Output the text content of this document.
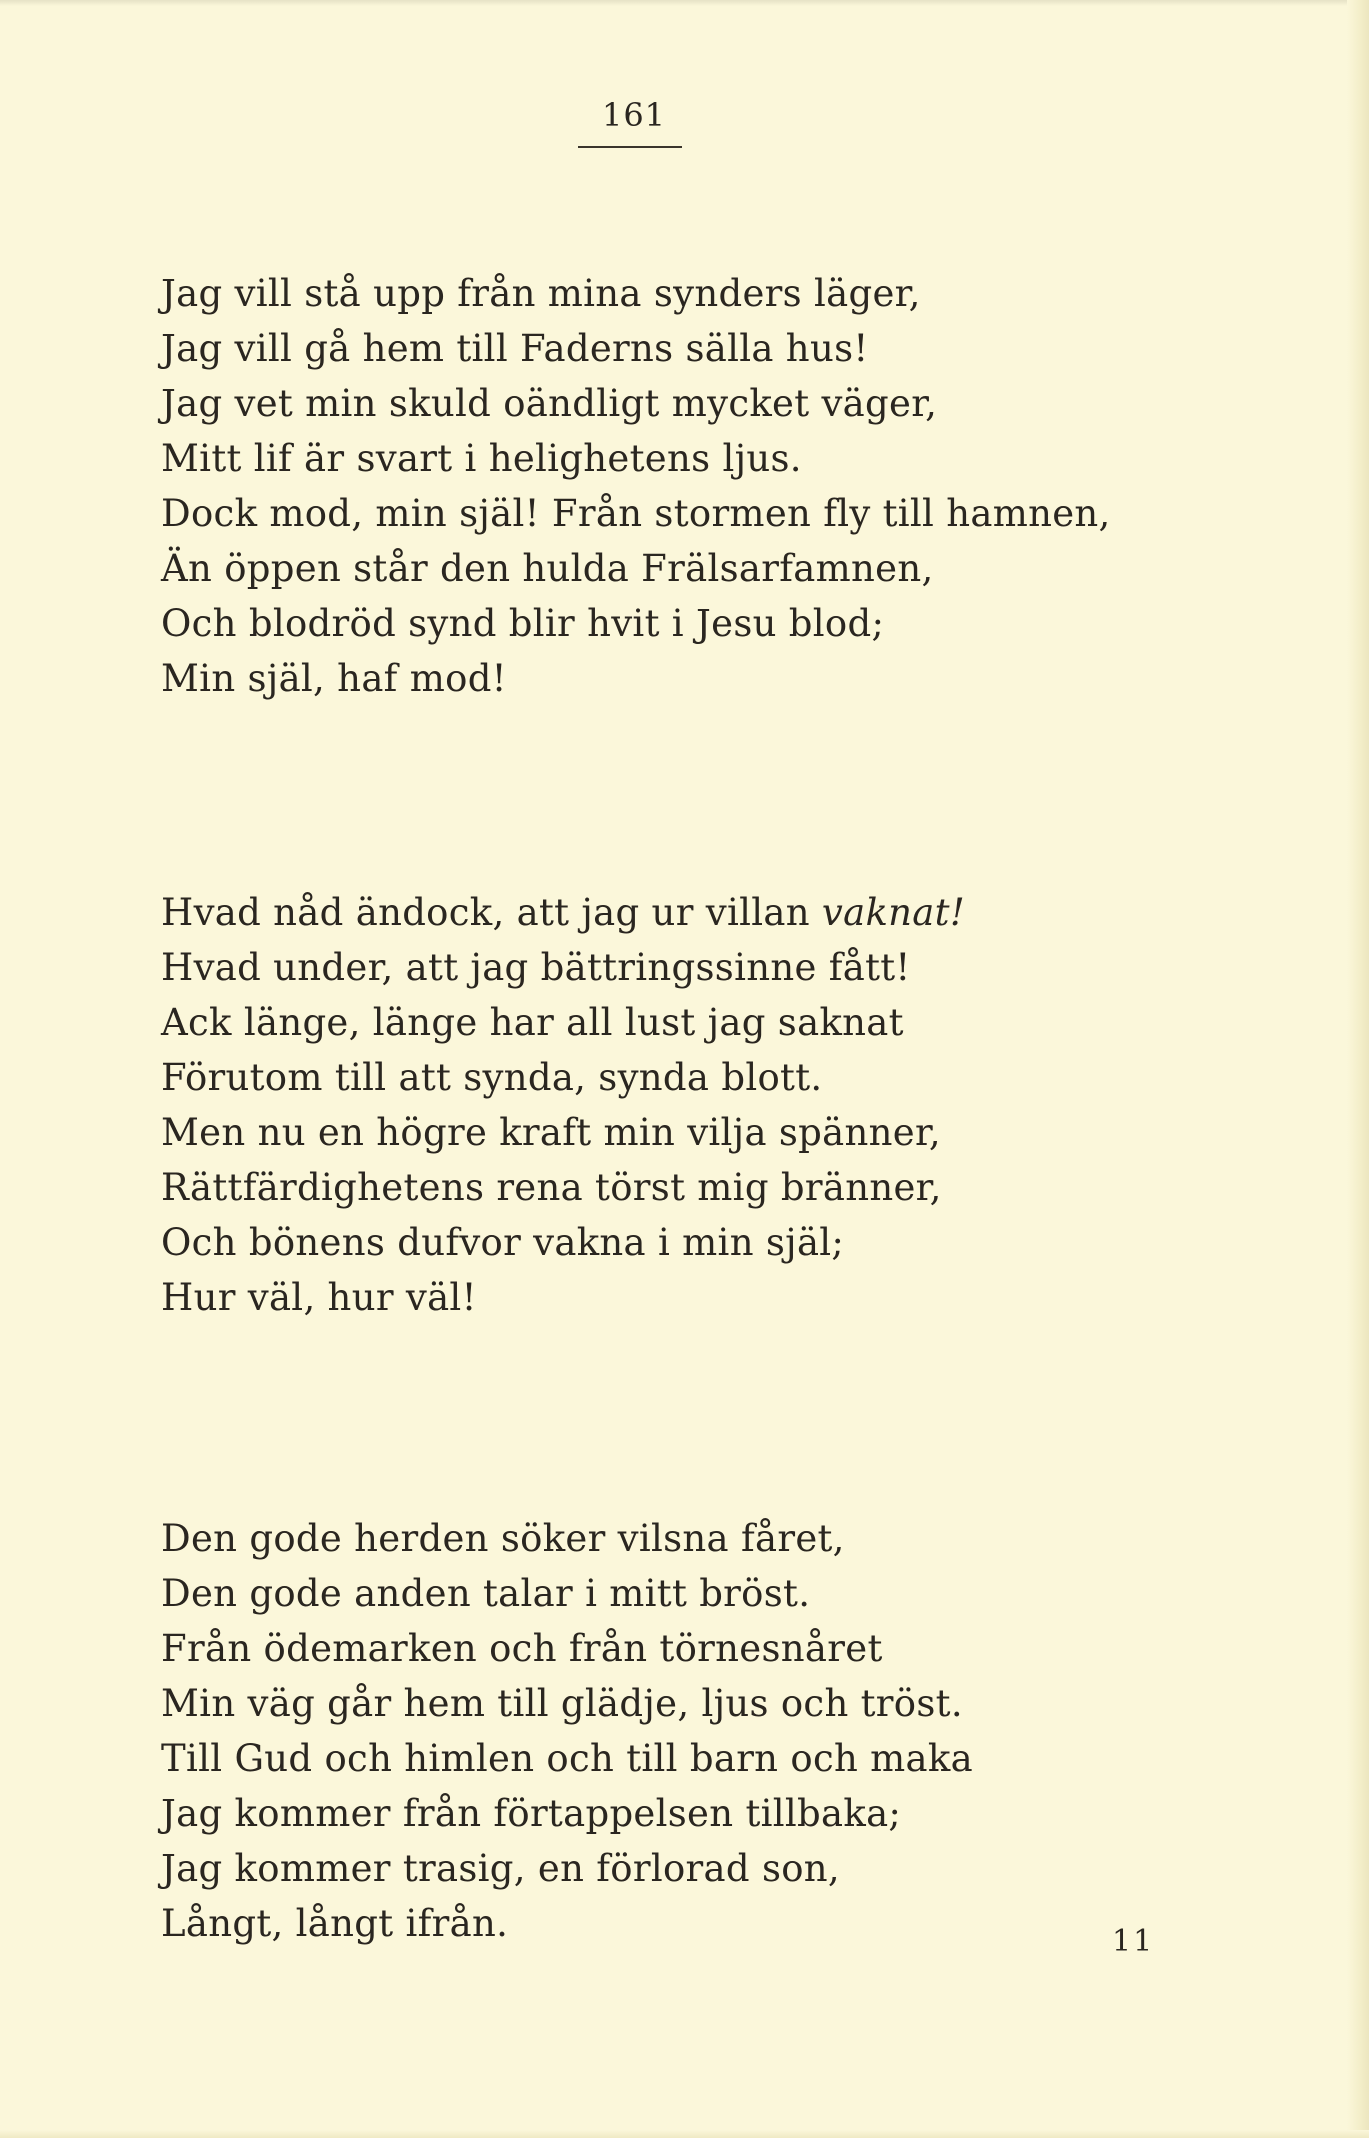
161
Jag vill stå upp från mina synders läger,
Jag vill gå hem till Faderns sälla hus!
Jag vet min skuld oändligt mycket väger,
Mitt lif är svart i helighetens ljus.
Dock mod, min själ! Från stormen fly till hamnen,
Än öppen står den hulda Frälsarfamnen,
Och blodröd synd blir hvit i Jesu blod;
Min själ, haf mod!
Hvad nåd ändock, att jag ur villan vaknat!
Hvad under, att jag bättringssinne fått!
Ack länge, länge har all lust jag saknat
Förutom till att synda, synda blott.
Men nu en högre kraft min vilja spänner,
Rättfärdighetens rena törst mig bränner,
Och bönens dufvor vakna i min själ;
Hur väl, hur väl!
Den gode herden söker vilsna fåret,
Den gode anden talar i mitt bröst.
Från ödemarken och från törnesnåret
Min väg går hem till glädje, ljus och tröst.
Till Gud och himlen och till barn och maka
Jag kommer från förtappelsen tillbaka;
Jag kommer trasig, en förlorad son,
Långt, långt ifrån.	11
